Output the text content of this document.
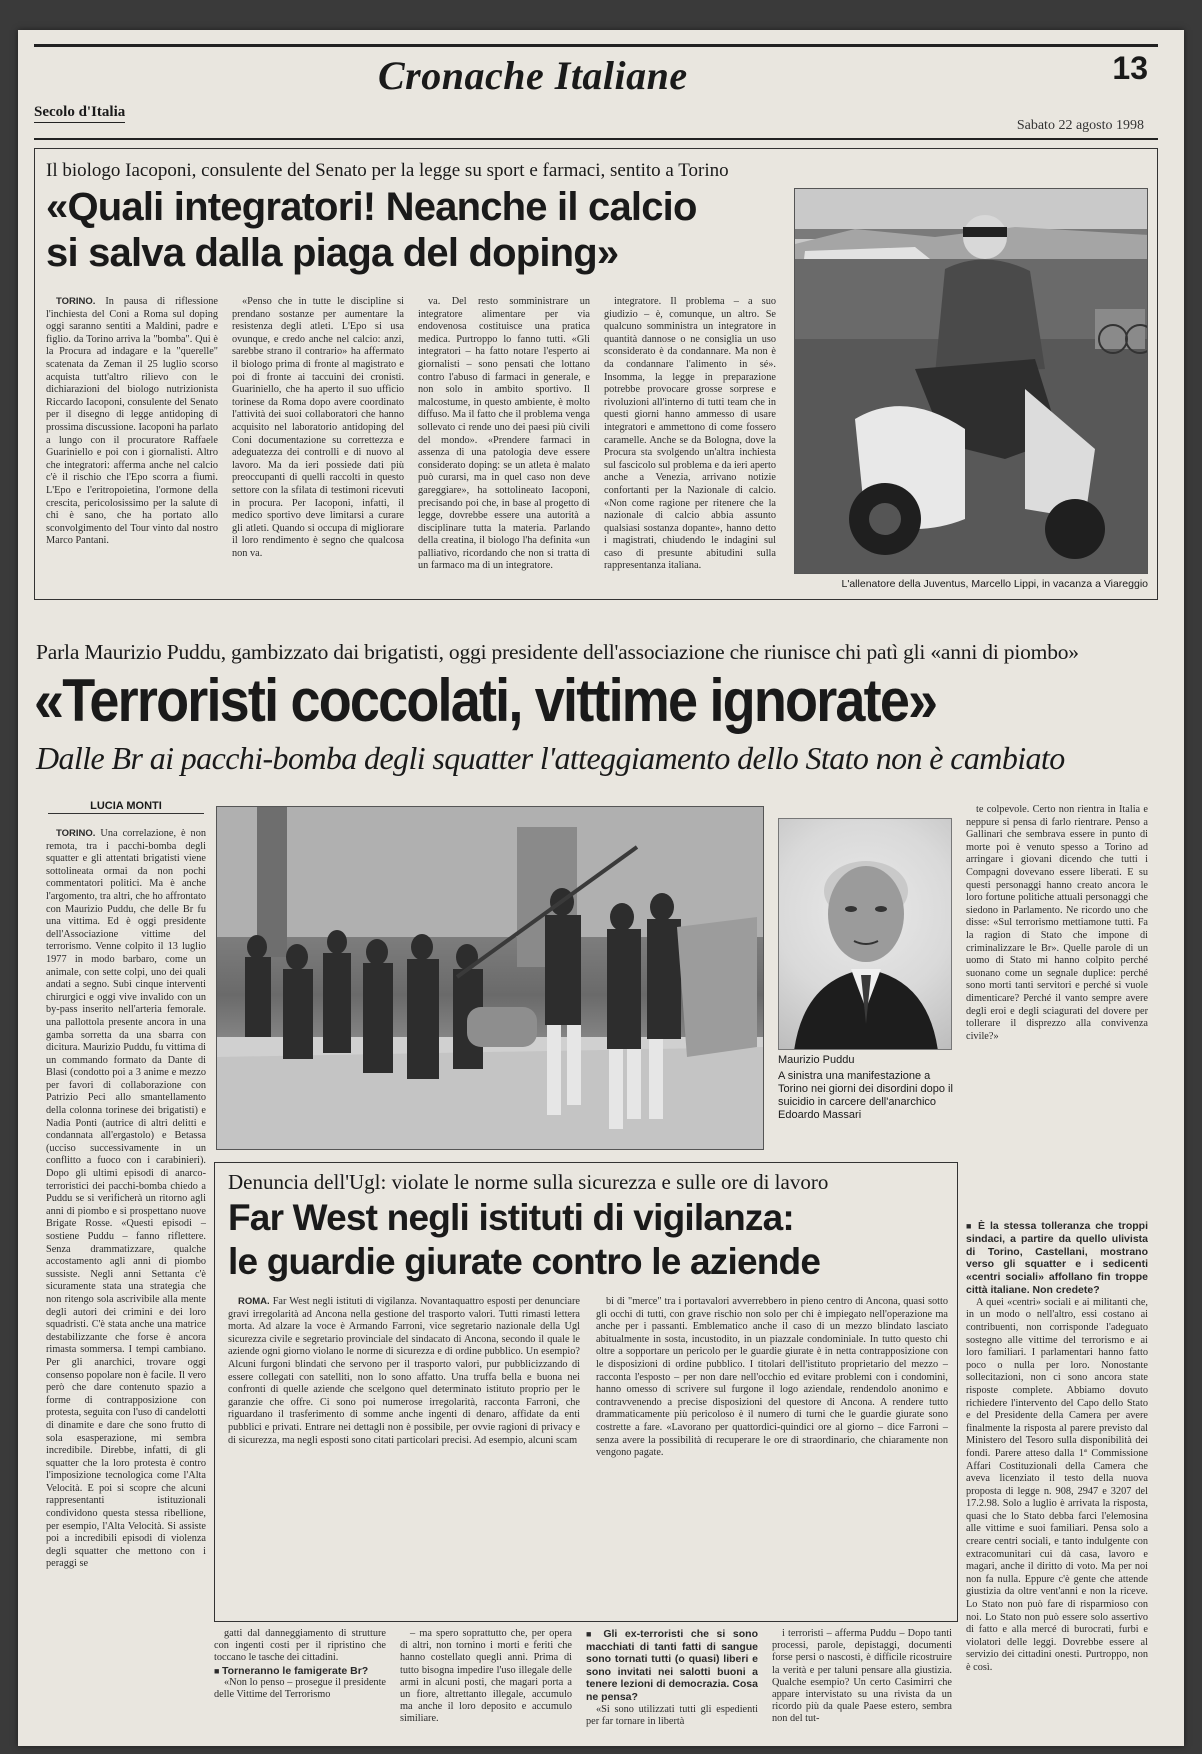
Cronache Italiane	13
Secolo d'Italia
Sabato 22 agosto 1998
Il biologo Iacoponi, consulente del Senato per la legge su sport e farmaci, sentito a Torino
«Quali integratori! Neanche il calcio
si salva dalla piaga del doping»

TORINO. In pausa di riflessione l'inchiesta del Coni a Roma sul doping oggi saranno sentiti a Maldini, padre e figlio. da Torino arriva la "bomba". Qui è la Procura ad indagare e la "querelle" scatenata da Zeman il 25 luglio scorso acquista tutt'altro rilievo con le dichiarazioni del biologo nutrizionista Riccardo Iacoponi, consulente del Senato per il disegno di legge antidoping di prossima discussione. Iacoponi ha parlato a lungo con il procuratore Raffaele Guariniello e poi con i giornalisti. Altro che integratori: afferma anche nel calcio c'è il rischio che l'Epo scorra a fiumi. L'Epo e l'eritropoietina, l'ormone della crescita, pericolosissimo per la salute di chi è sano, che ha portato allo sconvolgimento del Tour vinto dal nostro Marco Pantani.

«Penso che in tutte le discipline si prendano sostanze per aumentare la resistenza degli atleti. L'Epo si usa ovunque, e credo anche nel calcio: anzi, sarebbe strano il contrario» ha affermato il biologo prima di fronte al magistrato e poi di fronte ai taccuini dei cronisti. Guariniello, che ha aperto il suo ufficio torinese da Roma dopo avere coordinato l'attività dei suoi collaboratori che hanno acquisito nel laboratorio antidoping del Coni documentazione su correttezza e adeguatezza dei controlli e di nuovo al lavoro. Ma da ieri possiede dati più preoccupanti di quelli raccolti in questo settore con la sfilata di testimoni ricevuti in procura. Per Iacoponi, infatti, il medico sportivo deve limitarsi a curare gli atleti. Quando si occupa di migliorare il loro rendimento è segno che qualcosa non va.

va. Del resto somministrare un integratore alimentare per via endovenosa costituisce una pratica medica. Purtroppo lo fanno tutti. «Gli integratori – ha fatto notare l'esperto ai giornalisti – sono pensati che lottano contro l'abuso di farmaci in generale, e non solo in ambito sportivo. Il malcostume, in questo ambiente, è molto diffuso. Ma il fatto che il problema venga sollevato ci rende uno dei paesi più civili del mondo». «Prendere farmaci in assenza di una patologia deve essere considerato doping: se un atleta è malato può curarsi, ma in quel caso non deve gareggiare», ha sottolineato Iacoponi, precisando poi che, in base al progetto di legge, dovrebbe essere una autorità a disciplinare tutta la materia. Parlando della creatina, il biologo l'ha definita «un palliativo, ricordando che non si tratta di un farmaco ma di un integratore.

integratore. Il problema – a suo giudizio – è, comunque, un altro. Se qualcuno somministra un integratore in quantità dannose o ne consiglia un uso sconsiderato è da condannare. Ma non è da condannare l'alimento in sé». Insomma, la legge in preparazione potrebbe provocare grosse sorprese e rivoluzioni all'interno di tutti team che in questi giorni hanno ammesso di usare integratori e ammettono di come fossero caramelle. Anche se da Bologna, dove la Procura sta svolgendo un'altra inchiesta sul fascicolo sul problema e da ieri aperto anche a Venezia, arrivano notizie confortanti per la Nazionale di calcio. «Non come ragione per ritenere che la nazionale di calcio abbia assunto qualsiasi sostanza dopante», hanno detto i magistrati, chiudendo le indagini sul caso di presunte abitudini sulla rappresentanza italiana.

L'allenatore della Juventus, Marcello Lippi, in vacanza a Viareggio
Parla Maurizio Puddu, gambizzato dai brigatisti, oggi presidente dell'associazione che riunisce chi patì gli «anni di piombo»
«Terroristi coccolati, vittime ignorate»
Dalle Br ai pacchi-bomba degli squatter l'atteggiamento dello Stato non è cambiato
LUCIA MONTI

TORINO. Una correlazione, è non remota, tra i pacchi-bomba degli squatter e gli attentati brigatisti viene sottolineata ormai da non pochi commentatori politici. Ma è anche l'argomento, tra altri, che ho affrontato con Maurizio Puddu, che delle Br fu una vittima. Ed è oggi presidente dell'Associazione vittime del terrorismo. Venne colpito il 13 luglio 1977 in modo barbaro, come un animale, con sette colpi, uno dei quali andati a segno. Subì cinque interventi chirurgici e oggi vive invalido con un by-pass inserito nell'arteria femorale. una pallottola presente ancora in una gamba sorretta da una sbarra con dicitura. Maurizio Puddu, fu vittima di un commando formato da Dante di Blasi (condotto poi a 3 anime e mezzo per favori di collaborazione con Patrizio Peci allo smantellamento della colonna torinese dei brigatisti) e Nadia Ponti (autrice di altri delitti e condannata all'ergastolo) e Betassa (ucciso successivamente in un conflitto a fuoco con i carabinieri). Dopo gli ultimi episodi di anarco-terroristici dei pacchi-bomba chiedo a Puddu se si verificherà un ritorno agli anni di piombo e si prospettano nuove Brigate Rosse. «Questi episodi – sostiene Puddu – fanno riflettere. Senza drammatizzare, qualche accostamento agli anni di piombo sussiste. Negli anni Settanta c'è sicuramente stata una strategia che non ritengo sola ascrivibile alla mente degli autori dei crimini e dei loro squadristi. C'è stata anche una matrice destabilizzante che forse è ancora rimasta sommersa. I tempi cambiano. Per gli anarchici, trovare oggi consenso popolare non è facile. Il vero però che dare contenuto spazio a forme di contrapposizione con protesta, seguita con l'uso di candelotti di dinamite e dare che sono frutto di sola esasperazione, mi sembra incredibile. Direbbe, infatti, di gli squatter che la loro protesta è contro l'imposizione tecnologica come l'Alta Velocità. E poi si scopre che alcuni rappresentanti istituzionali condividono questa stessa ribellione, per esempio, l'Alta Velocità. Si assiste poi a incredibili episodi di violenza degli squatter che mettono con i peraggi se

Maurizio Puddu
A sinistra una manifestazione a Torino nei giorni dei disordini dopo il suicidio in carcere dell'anarchico Edoardo Massari

te colpevole. Certo non rientra in Italia e neppure si pensa di farlo rientrare. Penso a Gallinari che sembrava essere in punto di morte poi è venuto spesso a Torino ad arringare i giovani dicendo che tutti i Compagni dovevano essere liberati. E su questi personaggi hanno creato ancora le loro fortune politiche attuali personaggi che siedono in Parlamento. Ne ricordo uno che disse: «Sul terrorismo mettiamone tutti. Fa la ragion di Stato che impone di criminalizzare le Br». Quelle parole di un uomo di Stato mi hanno colpito perché suonano come un segnale duplice: perché sono morti tanti servitori e perché si vuole dimenticare? Perché il vanto sempre avere degli eroi e degli sciagurati del dovere per tollerare il disprezzo alla convivenza civile?»

■ È la stessa tolleranza che troppi sindaci, a partire da quello ulivista di Torino, Castellani, mostrano verso gli squatter e i sedicenti «centri sociali» affollano fin troppe città italiane. Non credete?

A quei «centri» sociali e ai militanti che, in un modo o nell'altro, essi costano ai contribuenti, non corrisponde l'adeguato sostegno alle vittime del terrorismo e ai loro familiari. I parlamentari hanno fatto poco o nulla per loro. Nonostante sollecitazioni, non ci sono ancora state risposte complete. Abbiamo dovuto richiedere l'intervento del Capo dello Stato e del Presidente della Camera per avere finalmente la risposta al parere previsto dal Ministero del Tesoro sulla disponibilità dei fondi. Parere atteso dalla 1ª Commissione Affari Costituzionali della Camera che aveva licenziato il testo della nuova proposta di legge n. 908, 2947 e 3207 del 17.2.98. Solo a luglio è arrivata la risposta, quasi che lo Stato debba farci l'elemosina alle vittime e suoi familiari. Pensa solo a creare centri sociali, e tanto indulgente con extracomunitari cui dà casa, lavoro e magari, anche il diritto di voto. Ma per noi non fa nulla. Eppure c'è gente che attende giustizia da oltre vent'anni e non la riceve. Lo Stato non può fare di risparmioso con noi. Lo Stato non può essere solo assertivo di fatto e alla mercé di burocrati, furbi e violatori delle leggi. Dovrebbe essere al servizio dei cittadini onesti. Purtroppo, non è così.

Denuncia dell'Ugl: violate le norme sulla sicurezza e sulle ore di lavoro
Far West negli istituti di vigilanza:
le guardie giurate contro le aziende

ROMA. Far West negli istituti di vigilanza. Novantaquattro esposti per denunciare gravi irregolarità ad Ancona nella gestione del trasporto valori. Tutti rimasti lettera morta. Ad alzare la voce è Armando Farroni, vice segretario nazionale della Ugl sicurezza civile e segretario provinciale del sindacato di Ancona, secondo il quale le aziende ogni giorno violano le norme di sicurezza e di ordine pubblico. Un esempio? Alcuni furgoni blindati che servono per il trasporto valori, pur pubblicizzando di essere collegati con satelliti, non lo sono affatto. Una truffa bella e buona nei confronti di quelle aziende che scelgono quel determinato istituto proprio per le garanzie che offre. Ci sono poi numerose irregolarità, racconta Farroni, che riguardano il trasferimento di somme anche ingenti di denaro, affidate da enti pubblici e privati. Entrare nei dettagli non è possibile, per ovvie ragioni di privacy e di sicurezza, ma negli esposti sono citati particolari precisi. Ad esempio, alcuni scam

bi di "merce" tra i portavalori avverrebbero in pieno centro di Ancona, quasi sotto gli occhi di tutti, con grave rischio non solo per chi è impiegato nell'operazione ma anche per i passanti. Emblematico anche il caso di un mezzo blindato lasciato abitualmente in sosta, incustodito, in un piazzale condominiale. In tutto questo chi oltre a sopportare un pericolo per le guardie giurate è in netta contrapposizione con le disposizioni di ordine pubblico. I titolari dell'istituto proprietario del mezzo – racconta l'esposto – per non dare nell'occhio ed evitare problemi con i condomini, hanno omesso di scrivere sul furgone il logo aziendale, rendendolo anonimo e contravvenendo a precise disposizioni del questore di Ancona. A rendere tutto drammaticamente più pericoloso è il numero di turni che le guardie giurate sono costrette a fare. «Lavorano per quattordici-quindici ore al giorno – dice Farroni – senza avere la possibilità di recuperare le ore di straordinario, che chiaramente non vengono pagate.

gatti dal danneggiamento di strutture con ingenti costi per il ripristino che toccano le tasche dei cittadini.

■ Torneranno le famigerate Br?

«Non lo penso – prosegue il presidente delle Vittime del Terrorismo

– ma spero soprattutto che, per opera di altri, non tornino i morti e feriti che hanno costellato quegli anni. Prima di tutto bisogna impedire l'uso illegale delle armi in alcuni posti, che magari porta a un fiore, altrettanto illegale, accumulo ma anche il loro deposito e accumulo similiare.

■ Gli ex-terroristi che si sono macchiati di tanti fatti di sangue sono tornati tutti (o quasi) liberi e sono invitati nei salotti buoni a tenere lezioni di democrazia. Cosa ne pensa?

«Si sono utilizzati tutti gli espedienti per far tornare in libertà

i terroristi – afferma Puddu – Dopo tanti processi, parole, depistaggi, documenti forse persi o nascosti, è difficile ricostruire la verità e per taluni pensare alla giustizia. Qualche esempio? Un certo Casimirri che appare intervistato su una rivista da un ricordo più da quale Paese estero, sembra non del tut-
